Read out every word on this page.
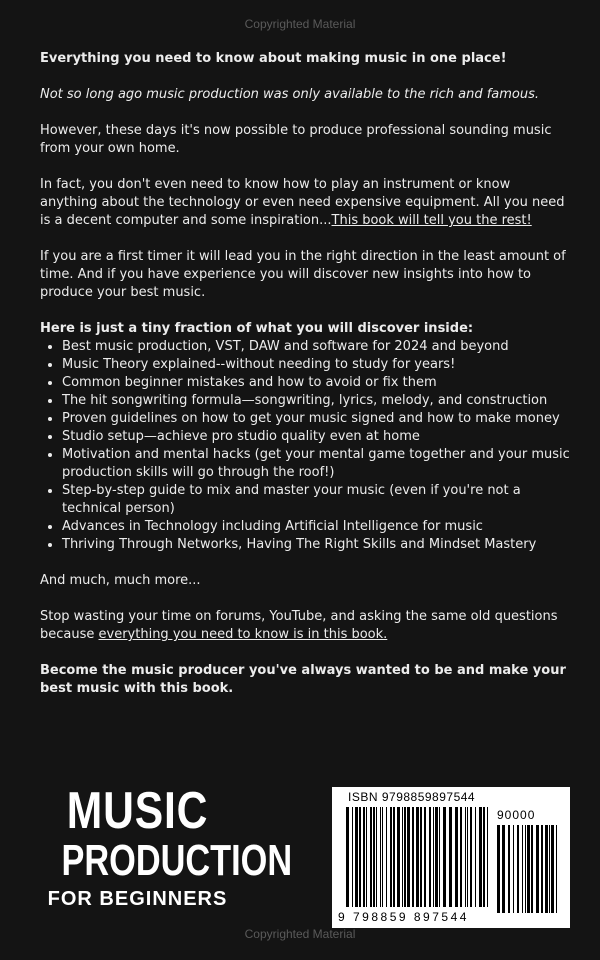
Copyrighted Material

Everything you need to know about making music in one place!

Not so long ago music production was only available to the rich and famous.

However, these days it's now possible to produce professional sounding music from your own home.

In fact, you don't even need to know how to play an instrument or know anything about the technology or even need expensive equipment. All you need is a decent computer and some inspiration...This book will tell you the rest!

If you are a first timer it will lead you in the right direction in the least amount of time. And if you have experience you will discover new insights into how to produce your best music.

Here is just a tiny fraction of what you will discover inside:
• Best music production, VST, DAW and software for 2024 and beyond
• Music Theory explained--without needing to study for years!
• Common beginner mistakes and how to avoid or fix them
• The hit songwriting formula—songwriting, lyrics, melody, and construction
• Proven guidelines on how to get your music signed and how to make money
• Studio setup—achieve pro studio quality even at home
• Motivation and mental hacks (get your mental game together and your music production skills will go through the roof!)
• Step-by-step guide to mix and master your music (even if you're not a technical person)
• Advances in Technology including Artificial Intelligence for music
• Thriving Through Networks, Having The Right Skills and Mindset Mastery

And much, much more...

Stop wasting your time on forums, YouTube, and asking the same old questions because everything you need to know is in this book.

Become the music producer you've always wanted to be and make your best music with this book.

MUSIC
PRODUCTION
FOR BEGINNERS
ISBN 9798859897544
90000
9 798859 897544
Copyrighted Material
